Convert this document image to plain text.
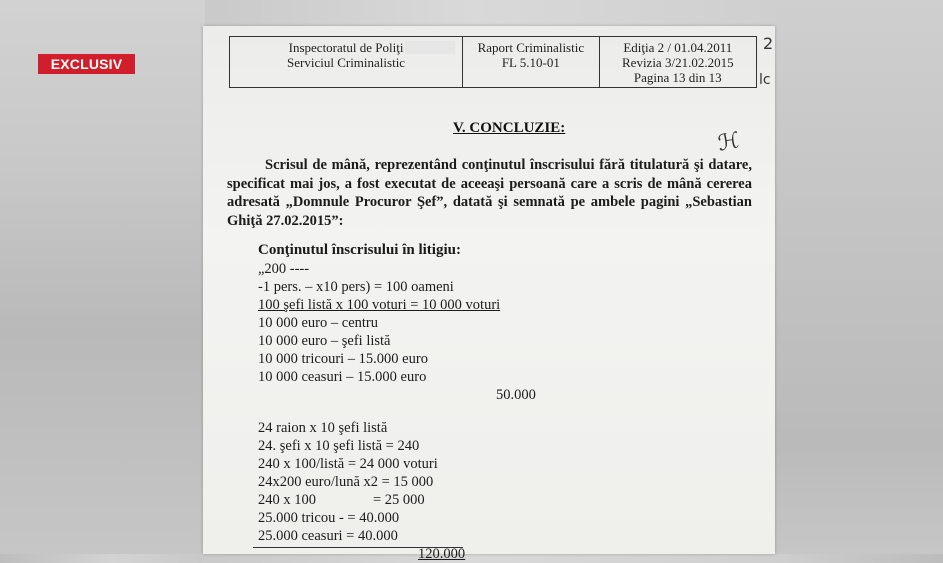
EXCLUSIV
Inspectoratul de Poliţi
Serviciul Criminalistic
Raport Criminalistic
FL 5.10-01
Ediţia 2 / 01.04.2011
Revizia 3/21.02.2015
Pagina 13 din 13
2
lc
V. CONCLUZIE:
ℋ
Scrisul de mână, reprezentând conţinutul înscrisului fără titulatură şi datare, specificat mai jos, a fost executat de aceeaşi persoană care a scris de mână cererea adresată „Domnule Procuror Şef”, datată şi semnată pe ambele pagini „Sebastian Ghiţă 27.02.2015”:
Conţinutul înscrisului în litigiu:
„200 ----
-1 pers. – x10 pers) = 100 oameni
100 şefi listă x 100 voturi = 10 000 voturi
10 000 euro – centru
10 000 euro – şefi listă
10 000 tricouri – 15.000 euro
10 000 ceasuri – 15.000 euro
50.000
24 raion x 10 şefi listă
24. şefi x 10 şefi listă = 240
240 x 100/listă = 24 000 voturi
24x200 euro/lună x2 = 15 000
240 x 100	= 25 000
25.000 tricou - = 40.000
25.000 ceasuri = 40.000
120.000
